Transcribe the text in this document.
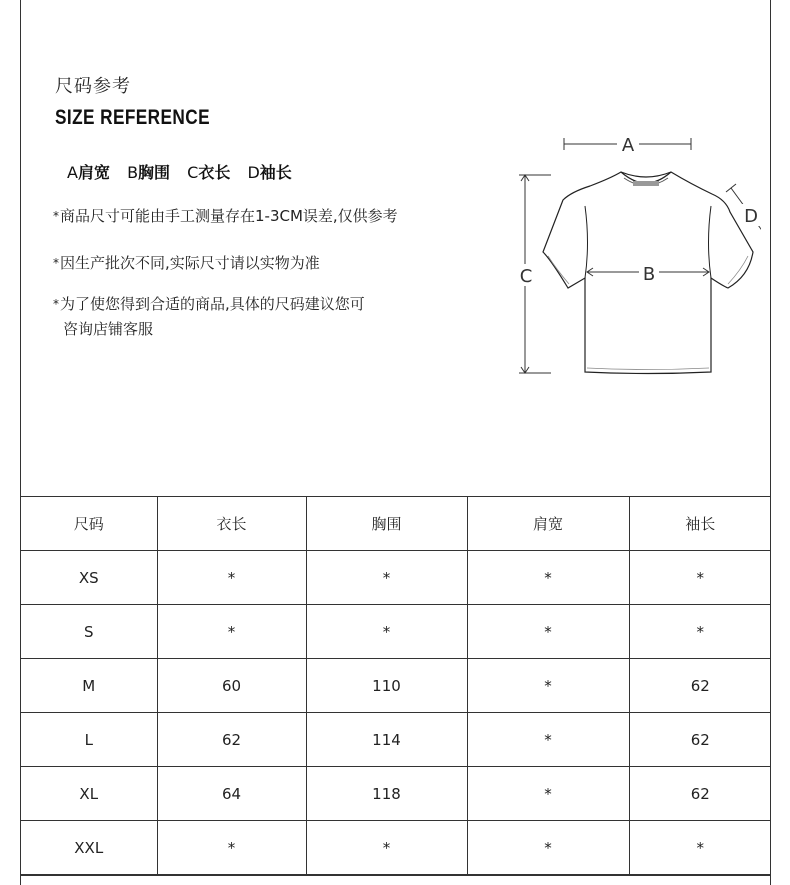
尺码参考
SIZE REFERENCE
A肩宽 B胸围 C衣长 D袖长
*商品尺寸可能由手工测量存在1-3CM误差,仅供参考
*因生产批次不同,实际尺寸请以实物为准
*为了使您得到合适的商品,具体的尺码建议您可
咨询店铺客服
A
C	B
D
尺码	衣长	胸围	肩宽	袖长
XS	*	*	*	*
S	*	*	*	*
M	60	110	*	62
L	62	114	*	62
XL	64	118	*	62
XXL	*	*	*	*
